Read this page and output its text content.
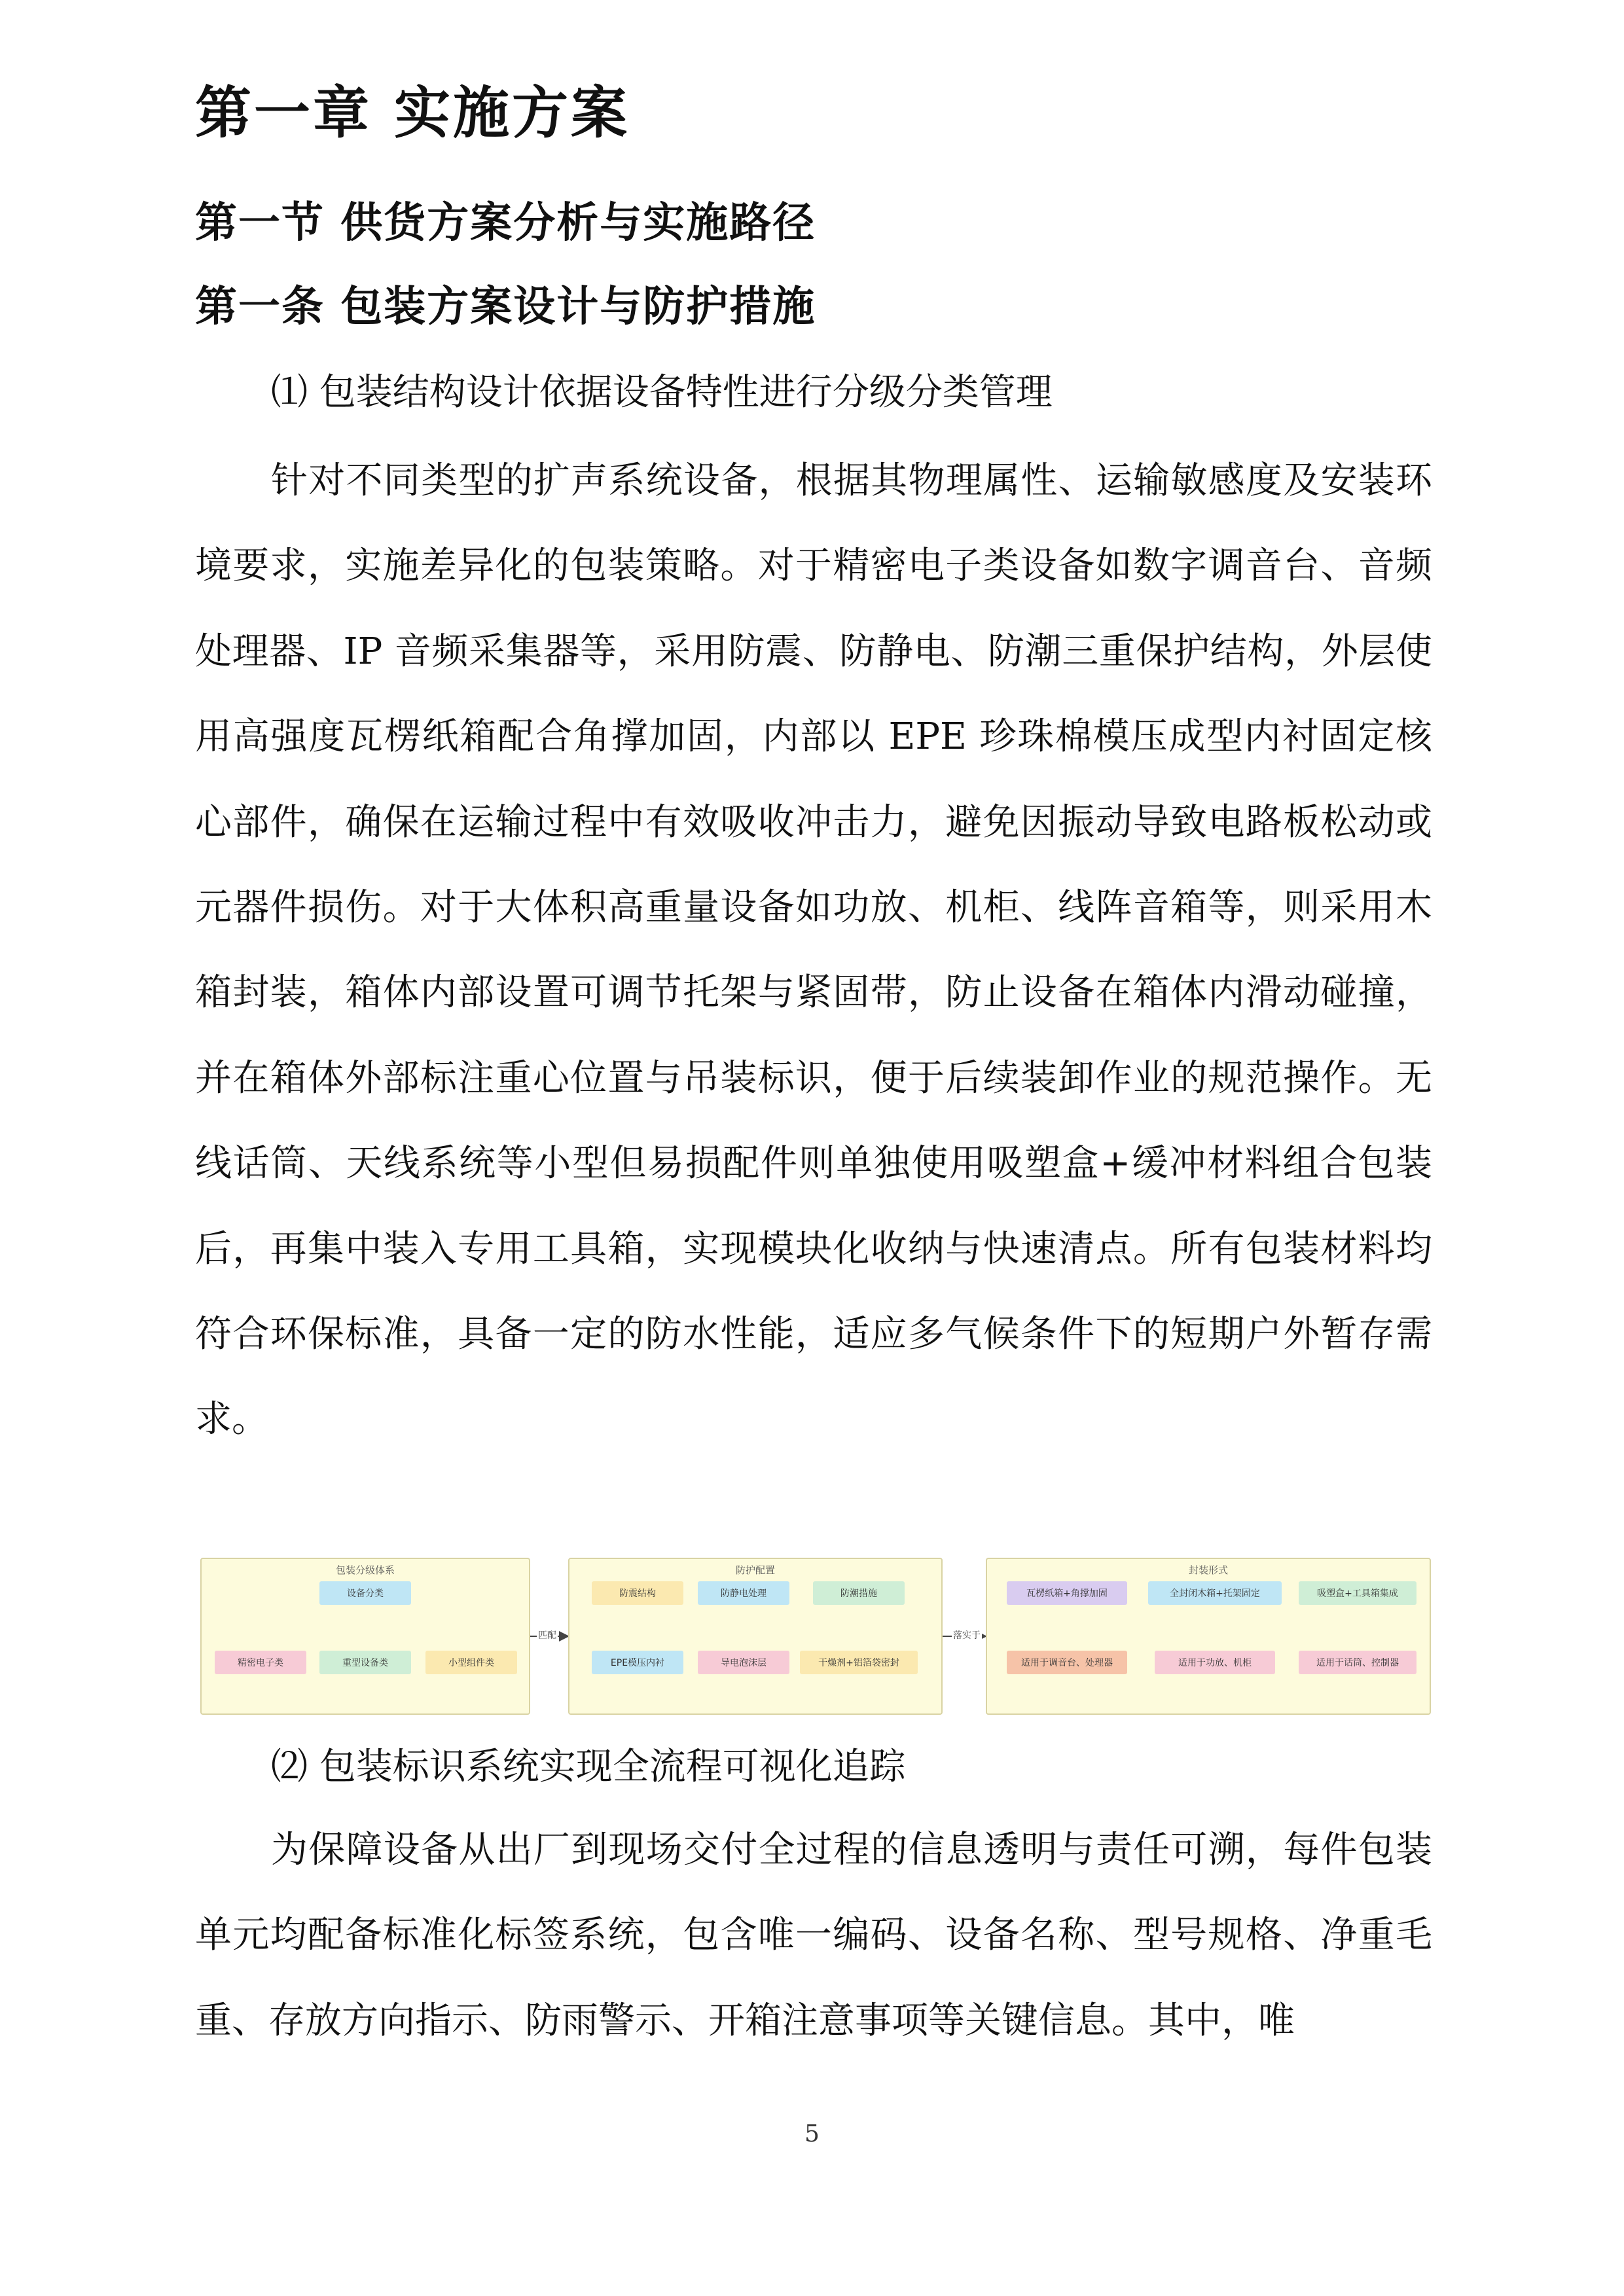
第一章 实施方案
第一节 供货方案分析与实施路径
第一条 包装方案设计与防护措施
⑴ 包装结构设计依据设备特性进行分级分类管理

针对不同类型的扩声系统设备，根据其物理属性、运输敏感度及安装环境要求，实施差异化的包装策略。对于精密电子类设备如数字调音台、音频处理器、IP 音频采集器等，采用防震、防静电、防潮三重保护结构，外层使用高强度瓦楞纸箱配合角撑加固，内部以 EPE 珍珠棉模压成型内衬固定核心部件，确保在运输过程中有效吸收冲击力，避免因振动导致电路板松动或元器件损伤。对于大体积高重量设备如功放、机柜、线阵音箱等，则采用木箱封装，箱体内部设置可调节托架与紧固带，防止设备在箱体内滑动碰撞，并在箱体外部标注重心位置与吊装标识，便于后续装卸作业的规范操作。无线话筒、天线系统等小型但易损配件则单独使用吸塑盒+缓冲材料组合包装后，再集中装入专用工具箱，实现模块化收纳与快速清点。所有包装材料均符合环保标准，具备一定的防水性能，适应多气候条件下的短期户外暂存需求。

包装分级体系
设备分类
精密电子类	重型设备类	小型组件类
匹配
防护配置
防震结构	防静电处理	防潮措施
EPE模压内衬	导电泡沫层	干燥剂+铝箔袋密封
落实于
封装形式
瓦楞纸箱+角撑加固	全封闭木箱+托架固定	吸塑盒+工具箱集成
适用于调音台、处理器	适用于功放、机柜	适用于话筒、控制器
⑵ 包装标识系统实现全流程可视化追踪

为保障设备从出厂到现场交付全过程的信息透明与责任可溯，每件包装单元均配备标准化标签系统，包含唯一编码、设备名称、型号规格、净重毛重、存放方向指示、防雨警示、开箱注意事项等关键信息。其中，唯

5
